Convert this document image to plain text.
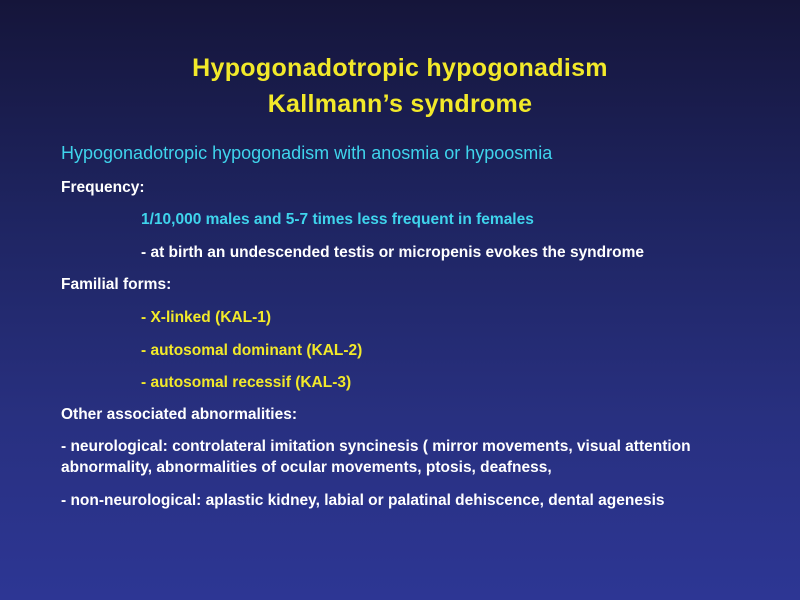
Hypogonadotropic hypogonadism
Kallmann’s syndrome
Hypogonadotropic hypogonadism with anosmia or hypoosmia
Frequency:
1/10,000 males and 5-7 times less frequent in females
- at birth an undescended testis or micropenis evokes the syndrome
Familial forms:
- X-linked (KAL-1)
- autosomal dominant (KAL-2)
- autosomal recessif (KAL-3)
Other associated abnormalities:
- neurological: controlateral imitation syncinesis ( mirror movements, visual attention
abnormality, abnormalities of ocular movements, ptosis, deafness,
- non-neurological: aplastic kidney, labial or palatinal dehiscence, dental agenesis
